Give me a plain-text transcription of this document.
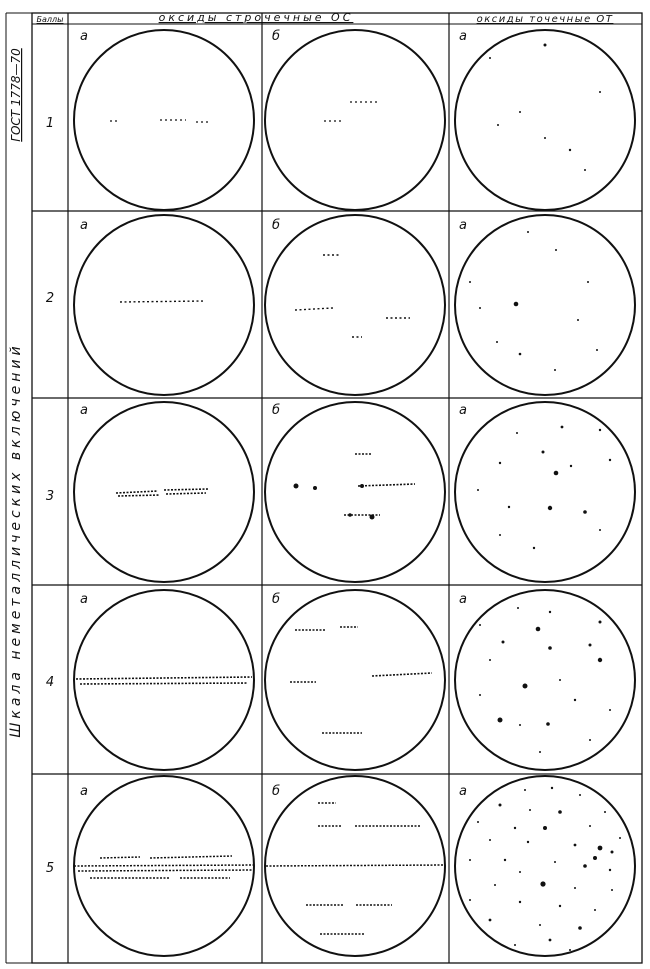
ГОСТ 1778—70
Шкала неметаллических включений
Баллы	оксиды строчечные ОС	оксиды точечные ОТ
1
а	б	а
2
а	б	а
3
а	б	а
4
а	б	а
5
а	б	а
